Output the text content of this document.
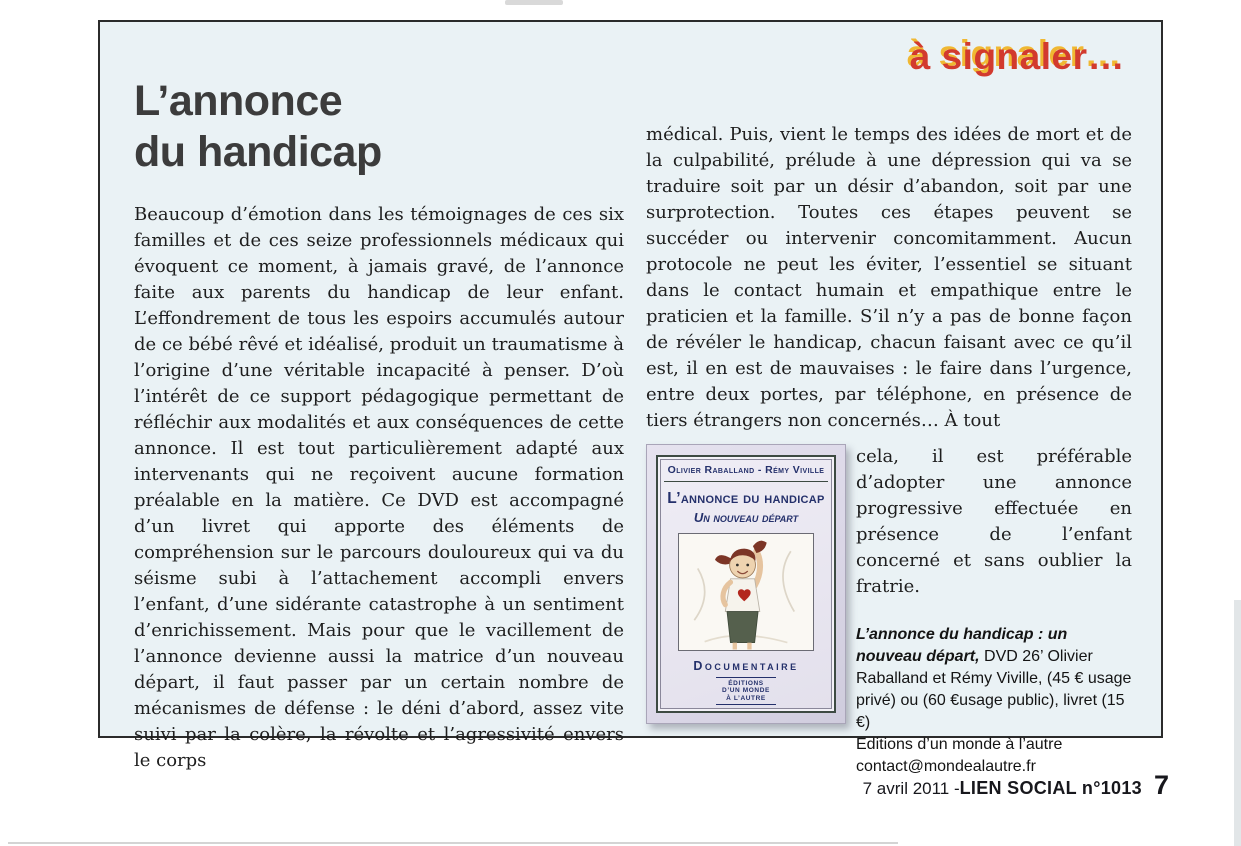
à signaler…
L’annonce
du handicap

Beaucoup d’émotion dans les témoignages de ces six familles et de ces seize professionnels médicaux qui évoquent ce moment, à jamais gravé, de l’annonce faite aux parents du handicap de leur enfant. L’effondrement de tous les espoirs accumulés autour de ce bébé rêvé et idéalisé, produit un traumatisme à l’origine d’une véritable incapacité à penser. D’où l’intérêt de ce support pédagogique permettant de réfléchir aux modalités et aux conséquences de cette annonce. Il est tout particulièrement adapté aux intervenants qui ne reçoivent aucune formation préalable en la matière. Ce DVD est accompagné d’un livret qui apporte des éléments de compréhension sur le parcours douloureux qui va du séisme subi à l’attachement accompli envers l’enfant, d’une sidérante catastrophe à un sentiment d’enrichissement. Mais pour que le vacillement de l’annonce devienne aussi la matrice d’un nouveau départ, il faut passer par un certain nombre de mécanismes de défense : le déni d’abord, assez vite suivi par la colère, la révolte et l’agressivité envers le corps

médical. Puis, vient le temps des idées de mort et de la culpabilité, prélude à une dépression qui va se traduire soit par un désir d’abandon, soit par une surprotection. Toutes ces étapes peuvent se succéder ou intervenir concomitamment. Aucun protocole ne peut les éviter, l’essentiel se situant dans le contact humain et empathique entre le praticien et la famille. S’il n’y a pas de bonne façon de révéler le handicap, chacun faisant avec ce qu’il est, il en est de mauvaises : le faire dans l’urgence, entre deux portes, par téléphone, en présence de tiers étrangers non concernés… À tout

Olivier Raballand - Rémy Viville
L’annonce du handicap
Un nouveau départ
Documentaire
ÉDITIONS
D’UN MONDE
À L’AUTRE

cela, il est préférable d’adopter une annonce progressive effectuée en présence de l’enfant concerné et sans oublier la fratrie.

L’annonce du handicap : un nouveau départ, DVD 26’ Olivier Raballand et Rémy Viville, (45 € usage privé) ou (60 €usage public), livret (15 €)

Editions d’un monde à l’autre
contact@mondealautre.fr
7 avril 2011 - LIEN SOCIAL n°1013 7
